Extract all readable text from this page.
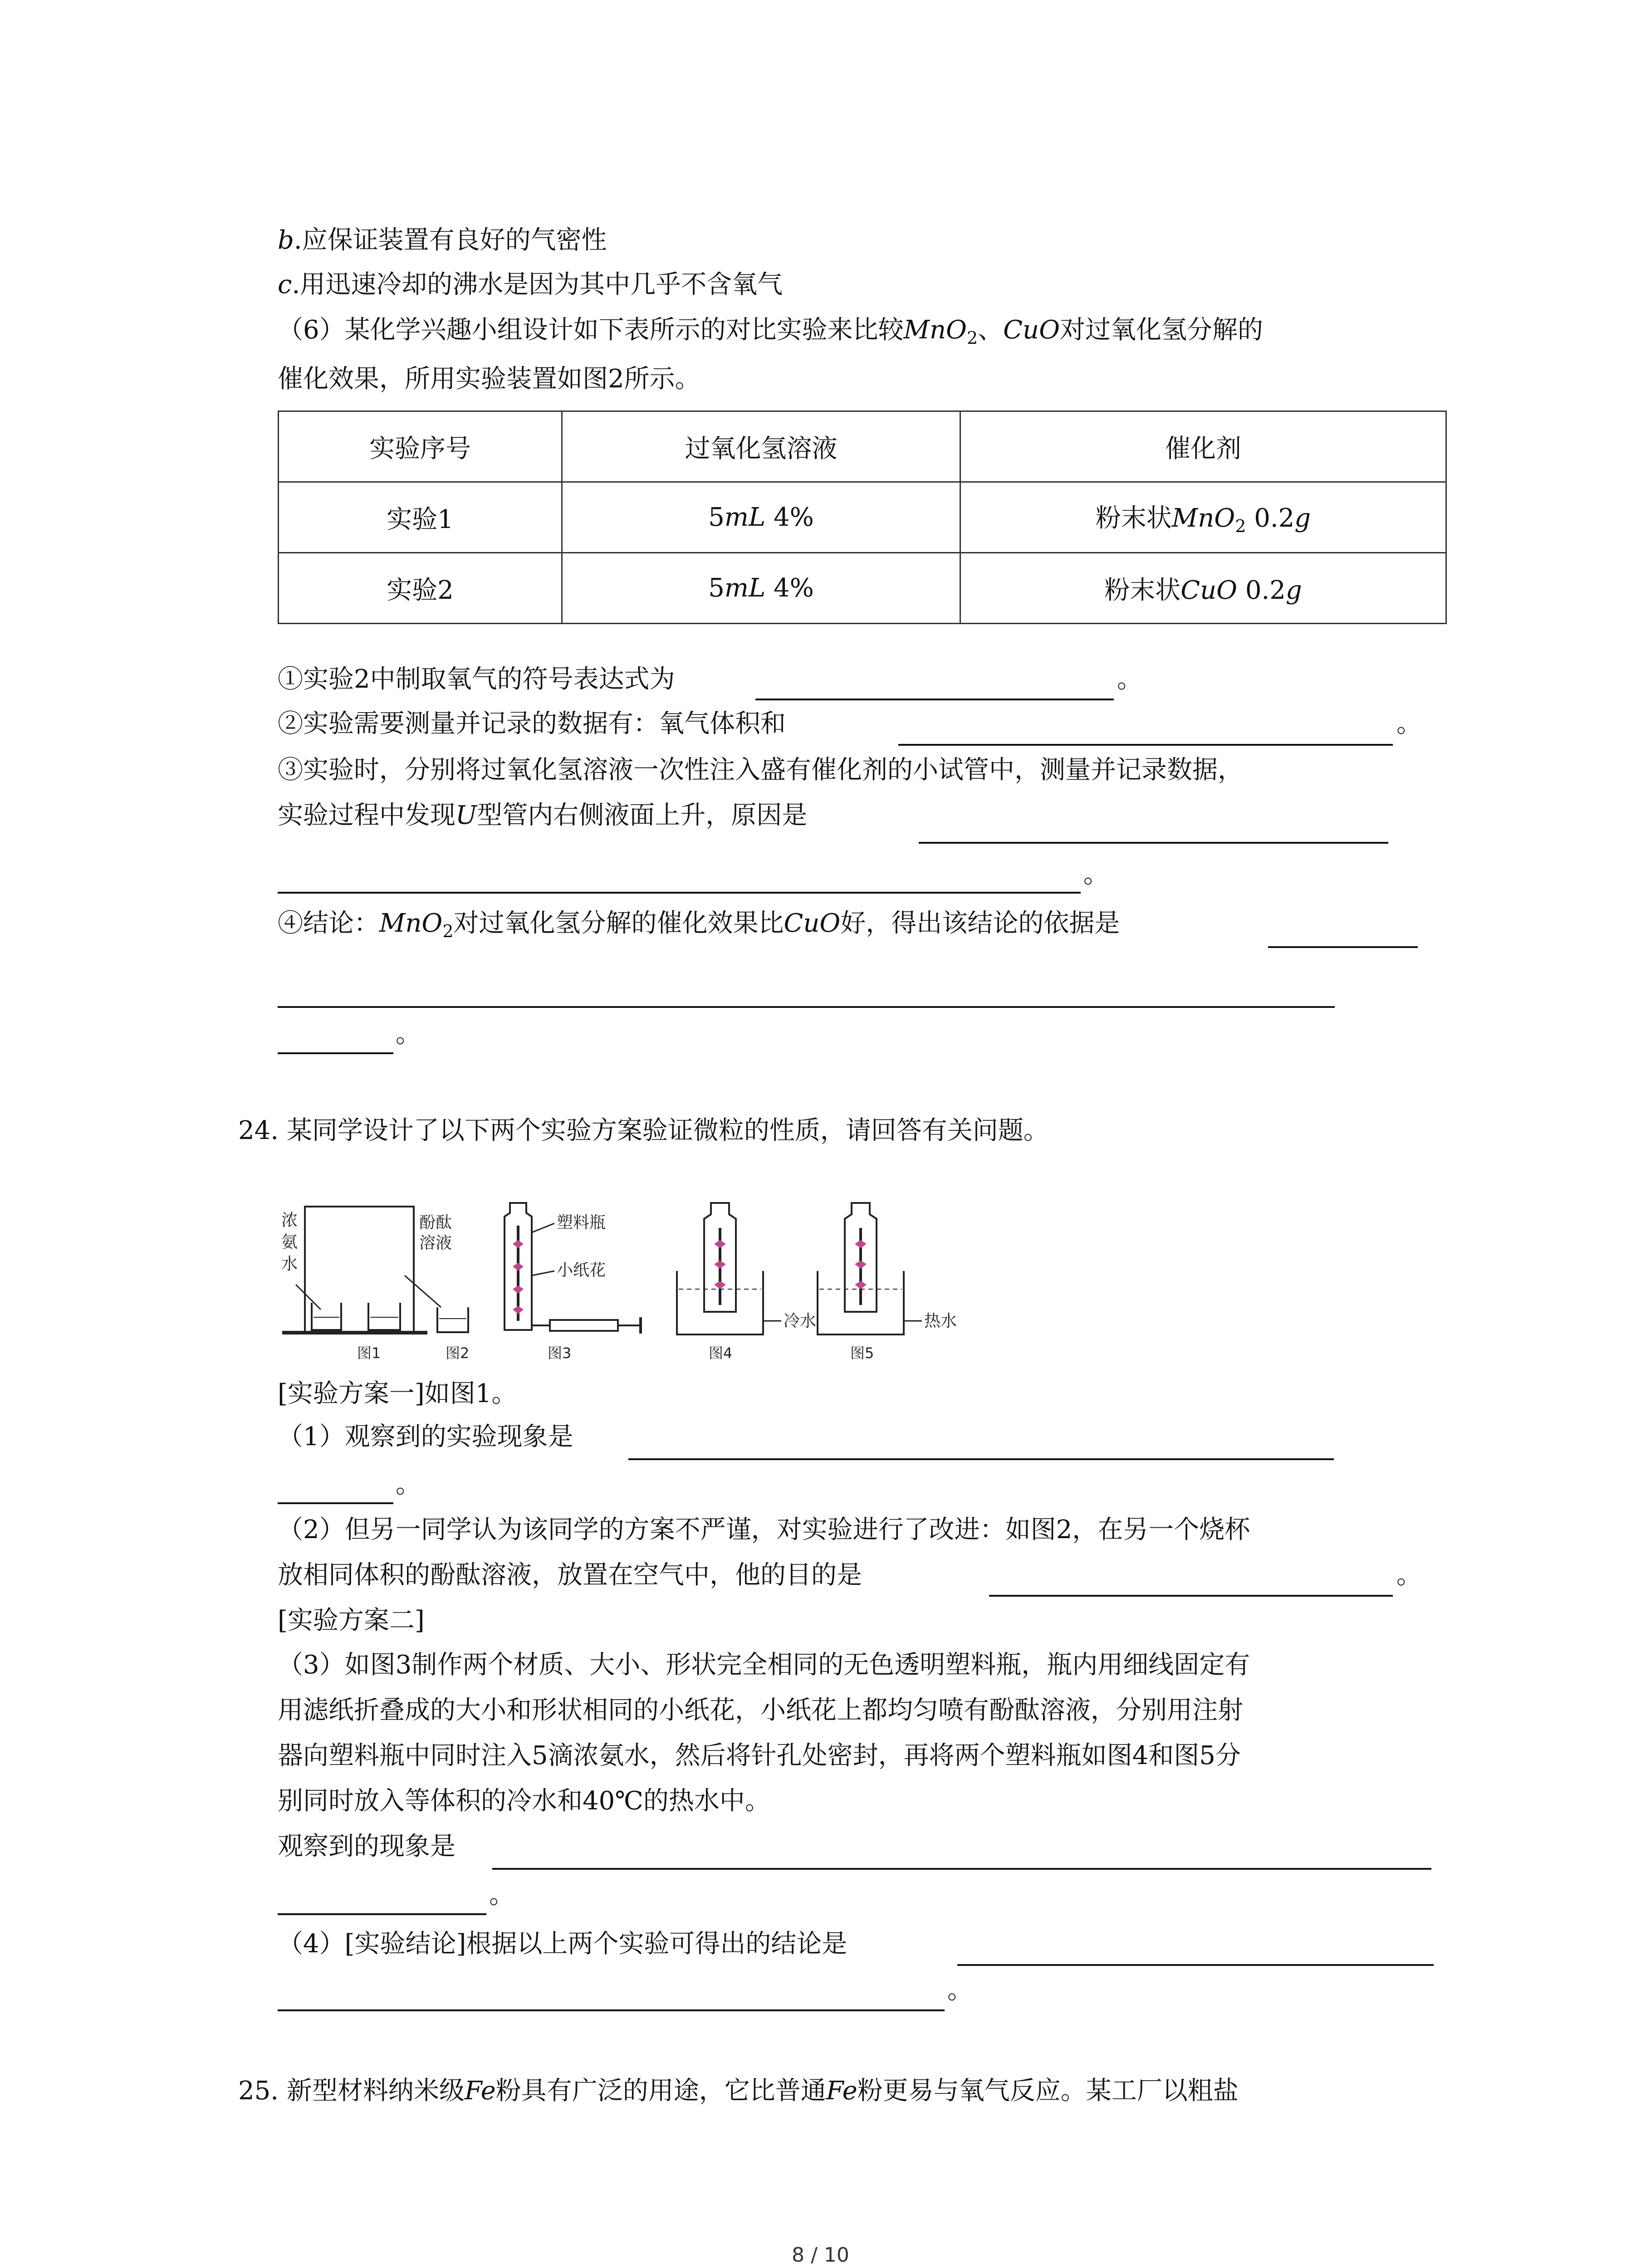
b.应保证装置有良好的气密性
c.用迅速冷却的沸水是因为其中几乎不含氧气
（6）某化学兴趣小组设计如下表所示的对比实验来比较MnO$_2$、CuO对过氧化氢分解的
催化效果，所用实验装置如图2所示。
实验序号	过氧化氢溶液	催化剂
实验1	5mL 4%	粉末状MnO$_2$ 0.2g
实验2	5mL 4%	粉末状CuO 0.2g
①实验2中制取氧气的符号表达式为	。
②实验需要测量并记录的数据有：氧气体积和	。
③实验时，分别将过氧化氢溶液一次性注入盛有催化剂的小试管中，测量并记录数据，
实验过程中发现U型管内右侧液面上升，原因是
。
④结论：MnO$_2$对过氧化氢分解的催化效果比CuO好，得出该结论的依据是
。
24. 某同学设计了以下两个实验方案验证微粒的性质，请回答有关问题。
浓
氨
水
酚酞
溶液
塑料瓶
小纸花
冷水	热水
图1	图2	图3	图4	图5
[实验方案一]如图1。
（1）观察到的实验现象是
。
（2）但另一同学认为该同学的方案不严谨，对实验进行了改进：如图2，在另一个烧杯
放相同体积的酚酞溶液，放置在空气中，他的目的是	。
[实验方案二]
（3）如图3制作两个材质、大小、形状完全相同的无色透明塑料瓶，瓶内用细线固定有
用滤纸折叠成的大小和形状相同的小纸花，小纸花上都均匀喷有酚酞溶液，分别用注射
器向塑料瓶中同时注入5滴浓氨水，然后将针孔处密封，再将两个塑料瓶如图4和图5分
别同时放入等体积的冷水和40℃的热水中。
观察到的现象是
。
（4）[实验结论]根据以上两个实验可得出的结论是
。
25. 新型材料纳米级Fe粉具有广泛的用途，它比普通Fe粉更易与氧气反应。某工厂以粗盐
8 / 10
